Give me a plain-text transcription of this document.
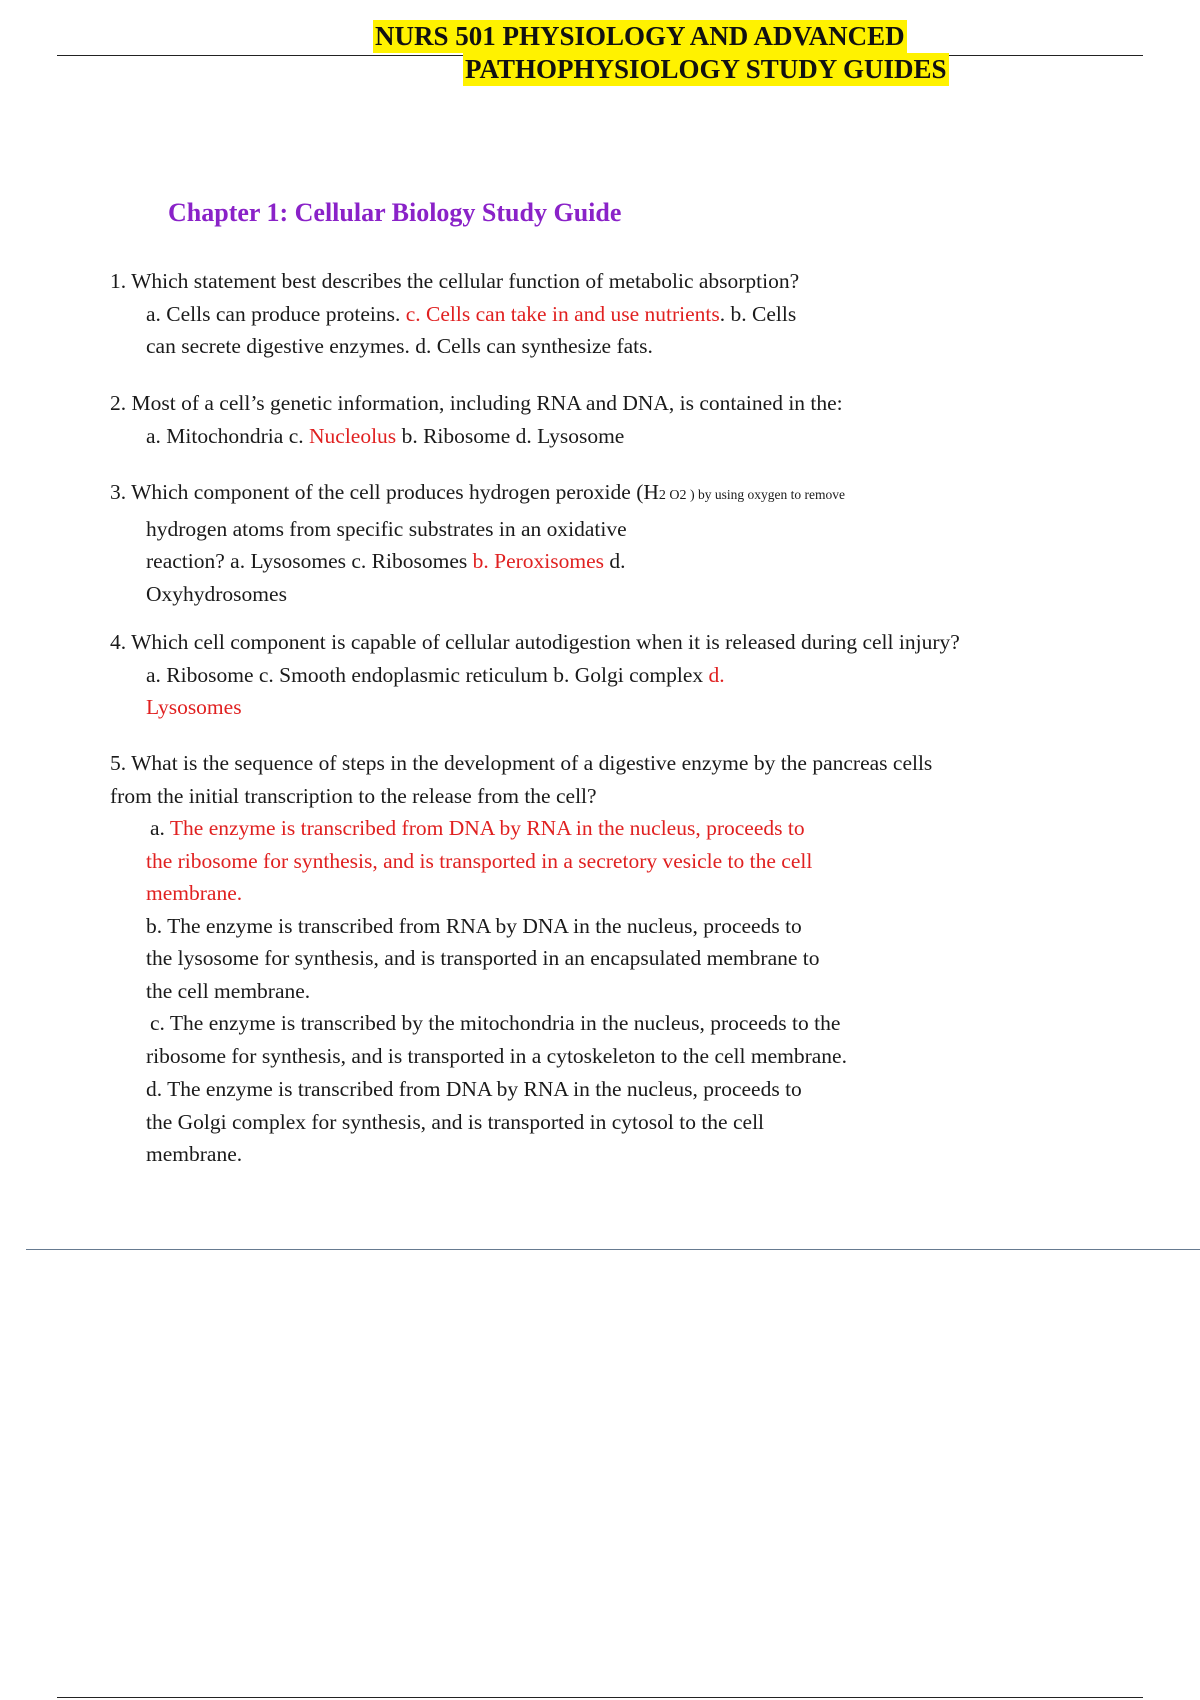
NURS 501 PHYSIOLOGY AND ADVANCED
PATHOPHYSIOLOGY STUDY GUIDES
Chapter 1: Cellular Biology Study Guide
1. Which statement best describes the cellular function of metabolic absorption?
a. Cells can produce proteins. c. Cells can take in and use nutrients. b. Cells
can secrete digestive enzymes. d. Cells can synthesize fats.
2. Most of a cell’s genetic information, including RNA and DNA, is contained in the:
a. Mitochondria c. Nucleolus b. Ribosome d. Lysosome
3. Which component of the cell produces hydrogen peroxide (H2 O2 ) by using oxygen to remove
hydrogen atoms from specific substrates in an oxidative
reaction? a. Lysosomes c. Ribosomes b. Peroxisomes d.
Oxyhydrosomes
4. Which cell component is capable of cellular autodigestion when it is released during cell injury?
a. Ribosome c. Smooth endoplasmic reticulum b. Golgi complex d.
Lysosomes
5. What is the sequence of steps in the development of a digestive enzyme by the pancreas cells
from the initial transcription to the release from the cell?
a. The enzyme is transcribed from DNA by RNA in the nucleus, proceeds to
the ribosome for synthesis, and is transported in a secretory vesicle to the cell
membrane.
b. The enzyme is transcribed from RNA by DNA in the nucleus, proceeds to
the lysosome for synthesis, and is transported in an encapsulated membrane to
the cell membrane.
c. The enzyme is transcribed by the mitochondria in the nucleus, proceeds to the
ribosome for synthesis, and is transported in a cytoskeleton to the cell membrane.
d. The enzyme is transcribed from DNA by RNA in the nucleus, proceeds to
the Golgi complex for synthesis, and is transported in cytosol to the cell
membrane.
